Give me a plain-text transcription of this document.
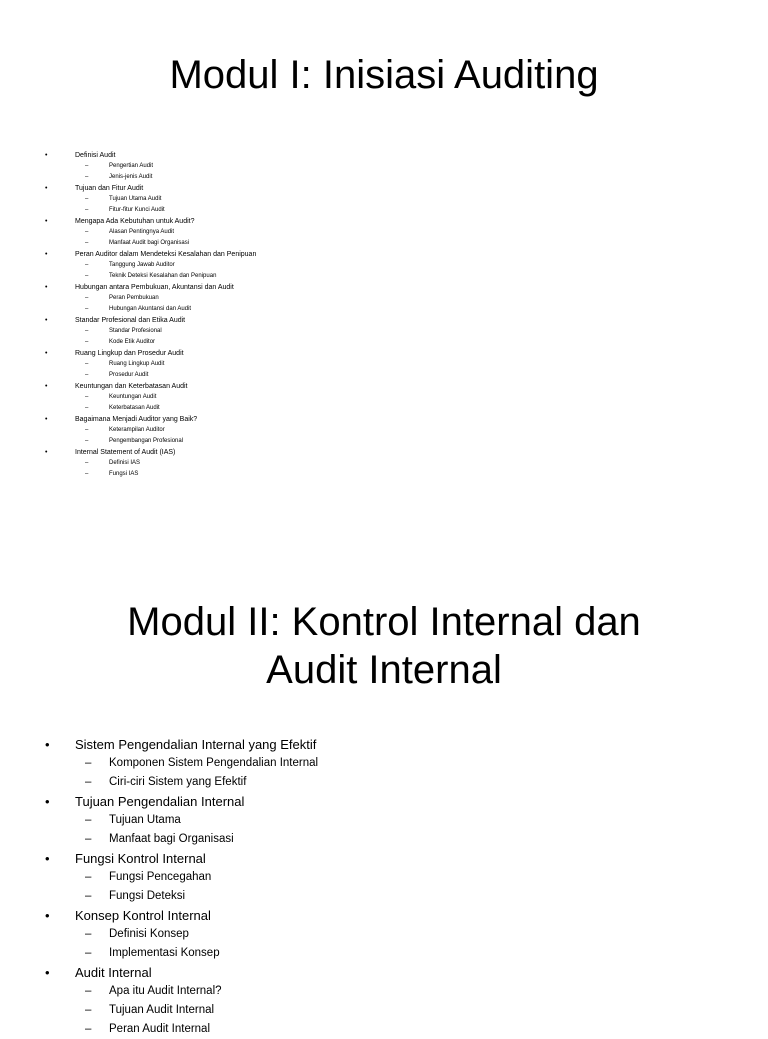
Modul I: Inisiasi Auditing
•	Definisi Audit
–	Pengertian Audit
–	Jenis-jenis Audit
•	Tujuan dan Fitur Audit
–	Tujuan Utama Audit
–	Fitur-fitur Kunci Audit
•	Mengapa Ada Kebutuhan untuk Audit?
–	Alasan Pentingnya Audit
–	Manfaat Audit bagi Organisasi
•	Peran Auditor dalam Mendeteksi Kesalahan dan Penipuan
–	Tanggung Jawab Auditor
–	Teknik Deteksi Kesalahan dan Penipuan
•	Hubungan antara Pembukuan, Akuntansi dan Audit
–	Peran Pembukuan
–	Hubungan Akuntansi dan Audit
•	Standar Profesional dan Etika Audit
–	Standar Profesional
–	Kode Etik Auditor
•	Ruang Lingkup dan Prosedur Audit
–	Ruang Lingkup Audit
–	Prosedur Audit
•	Keuntungan dan Keterbatasan Audit
–	Keuntungan Audit
–	Keterbatasan Audit
•	Bagaimana Menjadi Auditor yang Baik?
–	Keterampilan Auditor
–	Pengembangan Profesional
•	Internal Statement of Audit (IAS)
–	Definisi IAS
–	Fungsi IAS
Modul II: Kontrol Internal dan
Audit Internal
• Sistem Pengendalian Internal yang Efektif
– Komponen Sistem Pengendalian Internal
– Ciri-ciri Sistem yang Efektif
• Tujuan Pengendalian Internal
– Tujuan Utama
– Manfaat bagi Organisasi
• Fungsi Kontrol Internal
– Fungsi Pencegahan
– Fungsi Deteksi
• Konsep Kontrol Internal
– Definisi Konsep
– Implementasi Konsep
• Audit Internal
– Apa itu Audit Internal?
– Tujuan Audit Internal
– Peran Audit Internal
